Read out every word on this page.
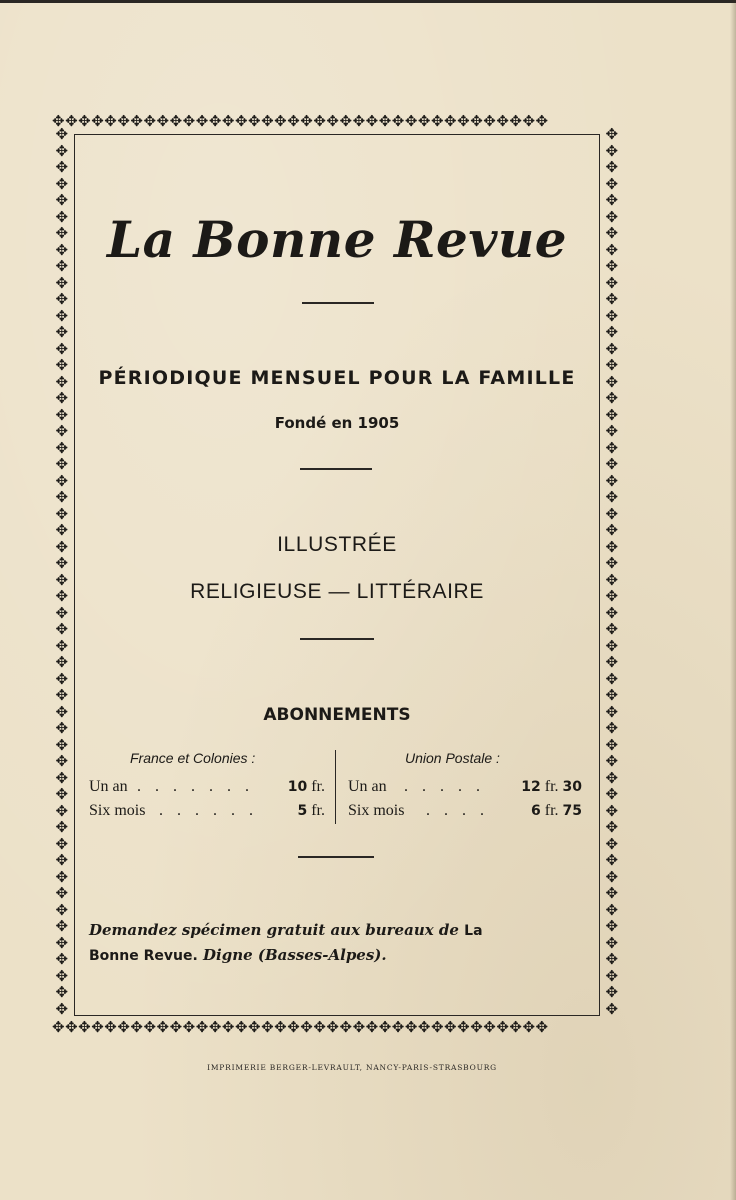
✥✥✥✥✥✥✥✥✥✥✥✥✥✥✥✥✥✥✥✥✥✥✥✥✥✥✥✥✥✥✥✥✥✥✥✥✥✥
✥✥✥✥✥✥✥✥✥✥✥✥✥✥✥✥✥✥✥✥✥✥✥✥✥✥✥✥✥✥✥✥✥✥✥✥✥✥
✥✥✥✥✥✥✥✥✥✥✥✥✥✥✥✥✥✥✥✥✥✥✥✥✥✥✥✥✥✥✥✥✥✥✥✥✥✥✥✥✥✥✥✥✥✥✥✥✥✥✥✥✥✥
✥✥✥✥✥✥✥✥✥✥✥✥✥✥✥✥✥✥✥✥✥✥✥✥✥✥✥✥✥✥✥✥✥✥✥✥✥✥✥✥✥✥✥✥✥✥✥✥✥✥✥✥✥✥
La Bonne Revue
PÉRIODIQUE MENSUEL POUR LA FAMILLE
Fondé en 1905
ILLUSTRÉE
RELIGIEUSE — LITTÉRAIRE
ABONNEMENTS
France et Colonies :	Union Postale :
Un an . . . . . . . 10 fr.
Six mois . . . . . .	5 fr.
Un an . . . . .	12 fr. 30
Six mois . . . .	6 fr. 75
Demandez spécimen gratuit aux bureaux de La
Bonne Revue. Digne (Basses-Alpes).
IMPRIMERIE BERGER-LEVRAULT, NANCY-PARIS-STRASBOURG
